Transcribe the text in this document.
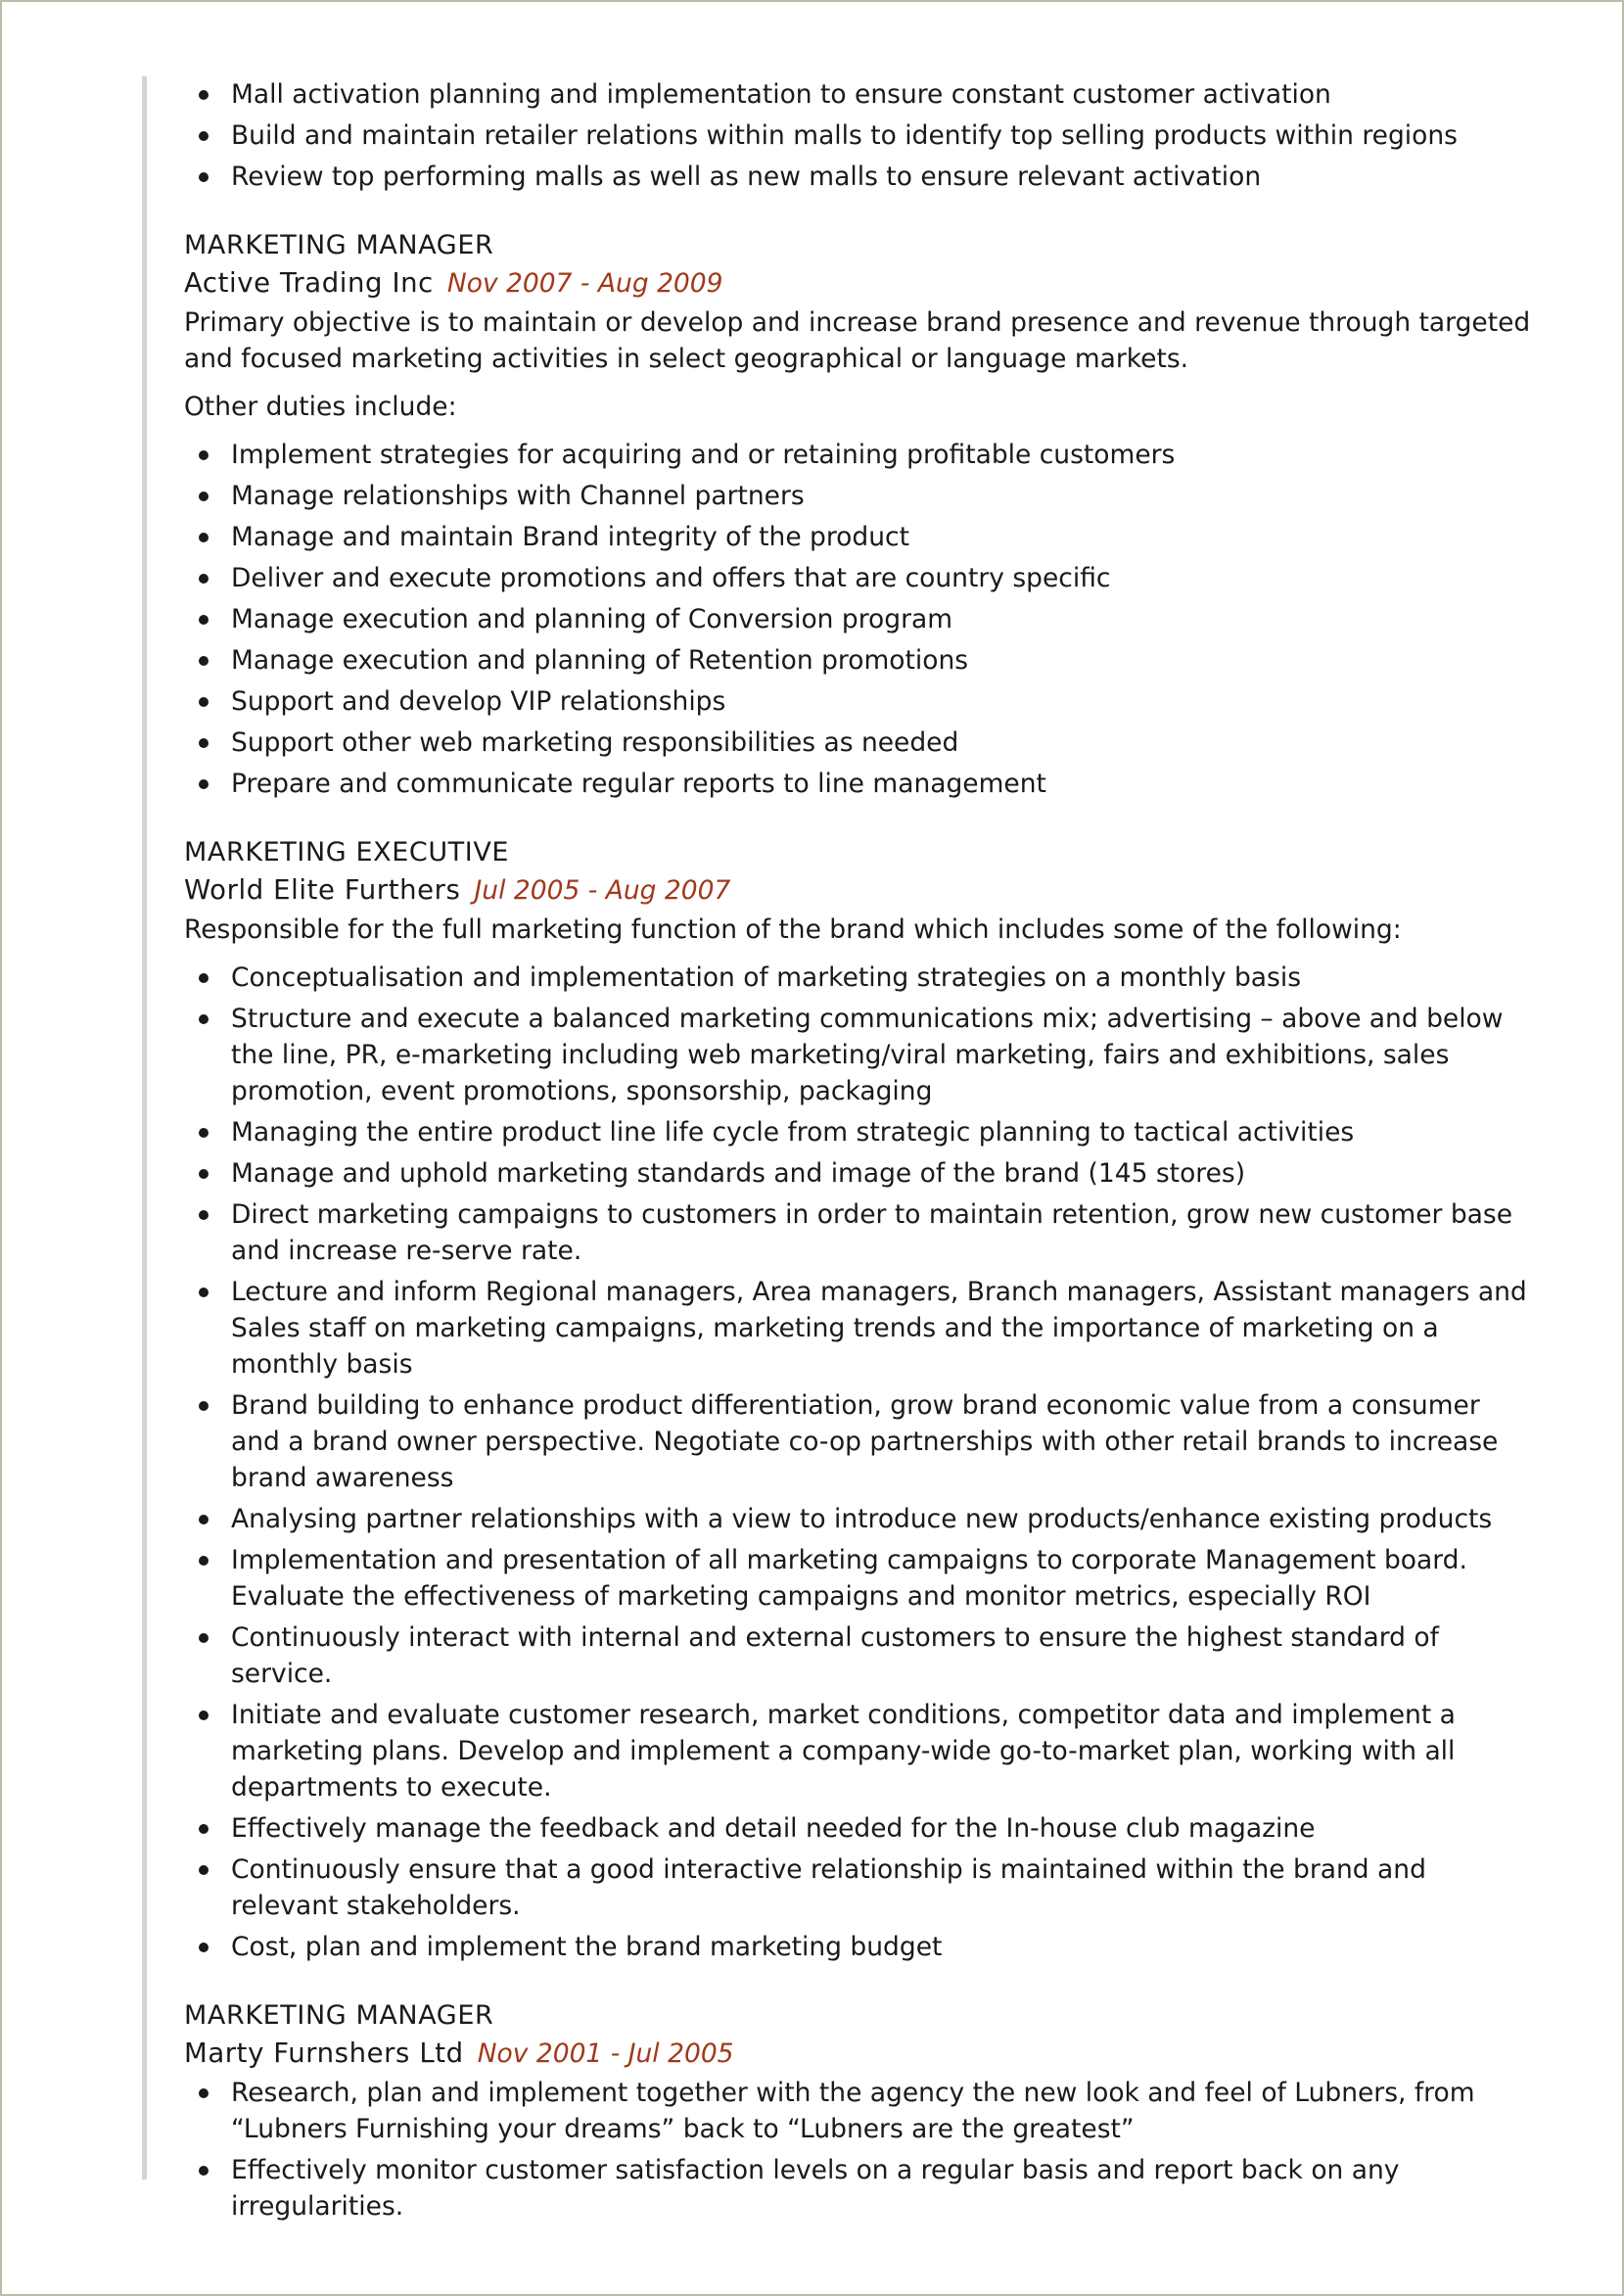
Mall activation planning and implementation to ensure constant customer activation
Build and maintain retailer relations within malls to identify top selling products within regions
Review top performing malls as well as new malls to ensure relevant activation
MARKETING MANAGER
Active Trading Inc Nov 2007 - Aug 2009

Primary objective is to maintain or develop and increase brand presence and revenue through targeted and focused marketing activities in select geographical or language markets.

Other duties include:

Implement strategies for acquiring and or retaining profitable customers
Manage relationships with Channel partners
Manage and maintain Brand integrity of the product
Deliver and execute promotions and offers that are country specific
Manage execution and planning of Conversion program
Manage execution and planning of Retention promotions
Support and develop VIP relationships
Support other web marketing responsibilities as needed
Prepare and communicate regular reports to line management
MARKETING EXECUTIVE
World Elite Furthers Jul 2005 - Aug 2007

Responsible for the full marketing function of the brand which includes some of the following:

Conceptualisation and implementation of marketing strategies on a monthly basis
Structure and execute a balanced marketing communications mix; advertising – above and below the line, PR, e-marketing including web marketing/viral marketing, fairs and exhibitions, sales promotion, event promotions, sponsorship, packaging
Managing the entire product line life cycle from strategic planning to tactical activities
Manage and uphold marketing standards and image of the brand (145 stores)
Direct marketing campaigns to customers in order to maintain retention, grow new customer base and increase re-serve rate.
Lecture and inform Regional managers, Area managers, Branch managers, Assistant managers and Sales staff on marketing campaigns, marketing trends and the importance of marketing on a monthly basis
Brand building to enhance product differentiation, grow brand economic value from a consumer and a brand owner perspective. Negotiate co-op partnerships with other retail brands to increase brand awareness
Analysing partner relationships with a view to introduce new products/enhance existing products
Implementation and presentation of all marketing campaigns to corporate Management board. Evaluate the effectiveness of marketing campaigns and monitor metrics, especially ROI
Continuously interact with internal and external customers to ensure the highest standard of service.
Initiate and evaluate customer research, market conditions, competitor data and implement a marketing plans. Develop and implement a company-wide go-to-market plan, working with all departments to execute.
Effectively manage the feedback and detail needed for the In-house club magazine
Continuously ensure that a good interactive relationship is maintained within the brand and relevant stakeholders.
Cost, plan and implement the brand marketing budget
MARKETING MANAGER
Marty Furnshers Ltd Nov 2001 - Jul 2005
Research, plan and implement together with the agency the new look and feel of Lubners, from “Lubners Furnishing your dreams” back to “Lubners are the greatest”
Effectively monitor customer satisfaction levels on a regular basis and report back on any irregularities.
